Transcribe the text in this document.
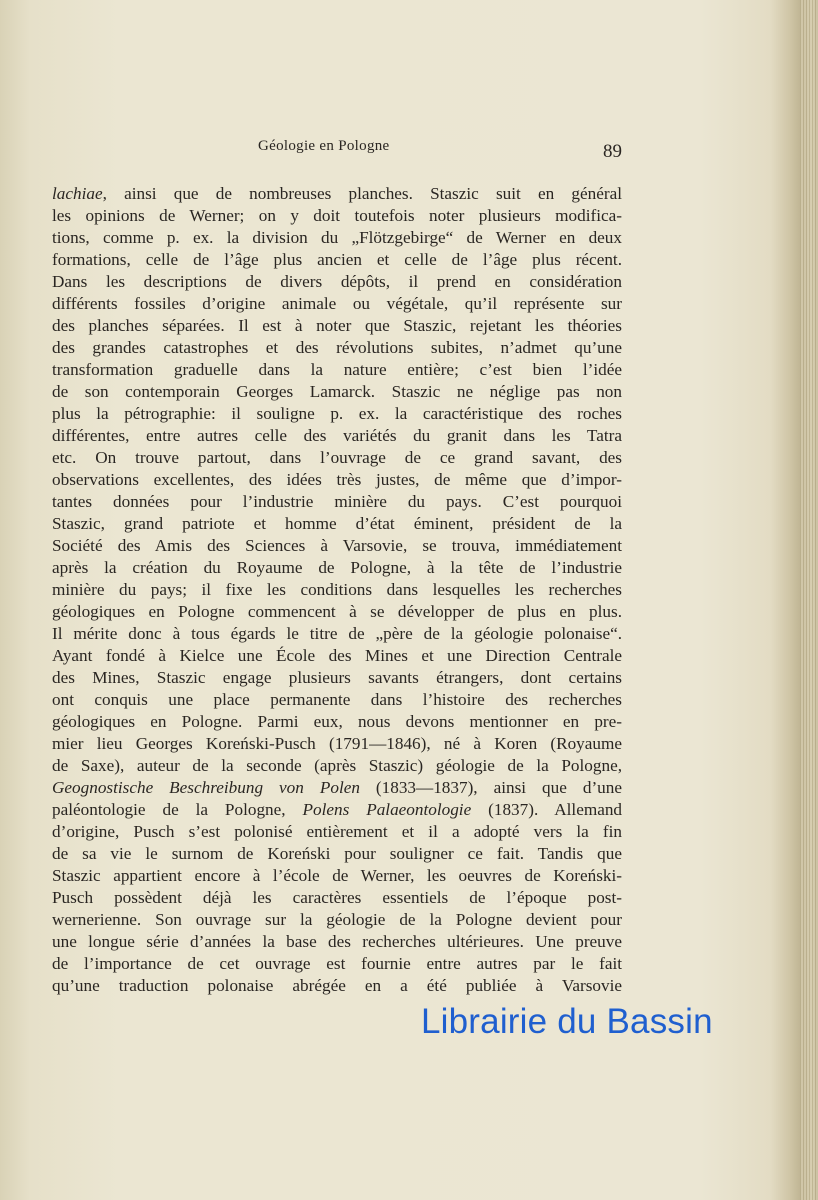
Géologie en Pologne	89
lachiae, ainsi que de nombreuses planches. Staszic suit en général
les opinions de Werner; on y doit toutefois noter plusieurs modifica-
tions, comme p. ex. la division du „Flötzgebirge“ de Werner en deux
formations, celle de l’âge plus ancien et celle de l’âge plus récent.
Dans les descriptions de divers dépôts, il prend en considération
différents fossiles d’origine animale ou végétale, qu’il représente sur
des planches séparées. Il est à noter que Staszic, rejetant les théories
des grandes catastrophes et des révolutions subites, n’admet qu’une
transformation graduelle dans la nature entière; c’est bien l’idée
de son contemporain Georges Lamarck. Staszic ne néglige pas non
plus la pétrographie: il souligne p. ex. la caractéristique des roches
différentes, entre autres celle des variétés du granit dans les Tatra
etc. On trouve partout, dans l’ouvrage de ce grand savant, des
observations excellentes, des idées très justes, de même que d’impor-
tantes données pour l’industrie minière du pays. C’est pourquoi
Staszic, grand patriote et homme d’état éminent, président de la
Société des Amis des Sciences à Varsovie, se trouva, immédiatement
après la création du Royaume de Pologne, à la tête de l’industrie
minière du pays; il fixe les conditions dans lesquelles les recherches
géologiques en Pologne commencent à se développer de plus en plus.
Il mérite donc à tous égards le titre de „père de la géologie polonaise“.
Ayant fondé à Kielce une École des Mines et une Direction Centrale
des Mines, Staszic engage plusieurs savants étrangers, dont certains
ont conquis une place permanente dans l’histoire des recherches
géologiques en Pologne. Parmi eux, nous devons mentionner en pre-
mier lieu Georges Koreński-Pusch (1791—1846), né à Koren (Royaume
de Saxe), auteur de la seconde (après Staszic) géologie de la Pologne,
Geognostische Beschreibung von Polen (1833—1837), ainsi que d’une
paléontologie de la Pologne, Polens Palaeontologie (1837). Allemand
d’origine, Pusch s’est polonisé entièrement et il a adopté vers la fin
de sa vie le surnom de Koreński pour souligner ce fait. Tandis que
Staszic appartient encore à l’école de Werner, les oeuvres de Koreński-
Pusch possèdent déjà les caractères essentiels de l’époque post-
wernerienne. Son ouvrage sur la géologie de la Pologne devient pour
une longue série d’années la base des recherches ultérieures. Une preuve
de l’importance de cet ouvrage est fournie entre autres par le fait
qu’une traduction polonaise abrégée en a été publiée à Varsovie
Librairie du Bassin
